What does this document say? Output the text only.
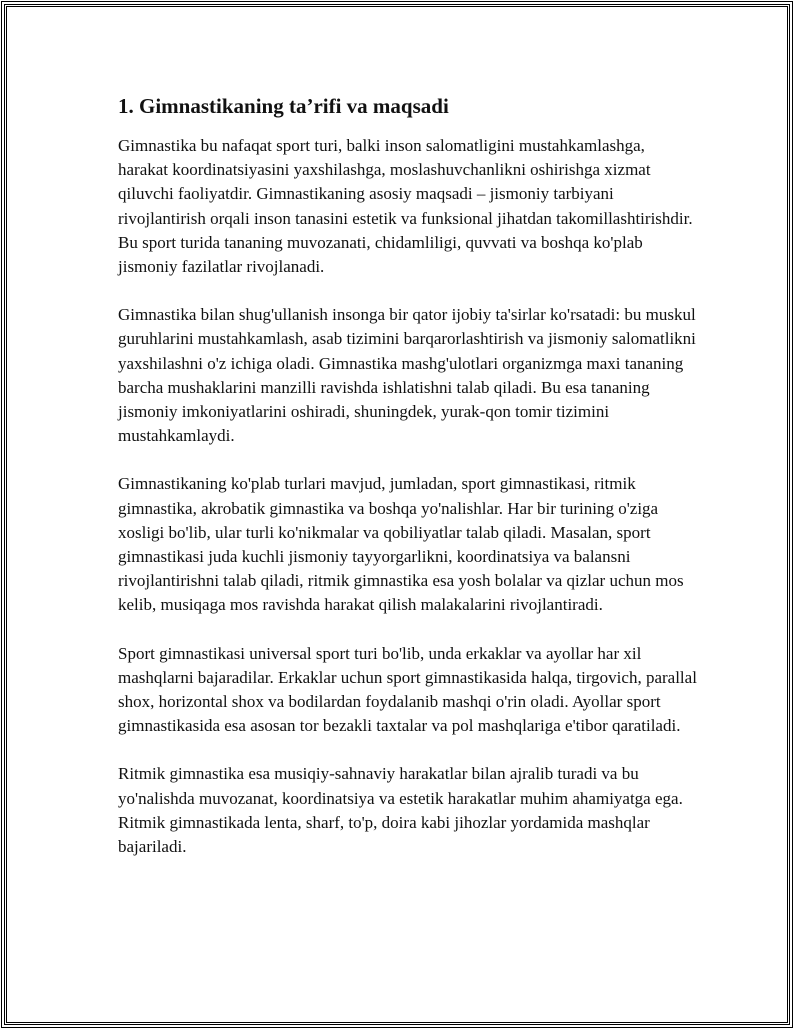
1. Gimnastikaning ta’rifi va maqsadi

Gimnastika bu nafaqat sport turi, balki inson salomatligini mustahkamlashga, harakat koordinatsiyasini yaxshilashga, moslashuvchanlikni oshirishga xizmat qiluvchi faoliyatdir. Gimnastikaning asosiy maqsadi – jismoniy tarbiyani rivojlantirish orqali inson tanasini estetik va funksional jihatdan takomillashtirishdir. Bu sport turida tananing muvozanati, chidamliligi, quvvati va boshqa ko'plab jismoniy fazilatlar rivojlanadi.

Gimnastika bilan shug'ullanish insonga bir qator ijobiy ta'sirlar ko'rsatadi: bu muskul guruhlarini mustahkamlash, asab tizimini barqarorlashtirish va jismoniy salomatlikni yaxshilashni o'z ichiga oladi. Gimnastika mashg'ulotlari organizmga maxi tananing barcha mushaklarini manzilli ravishda ishlatishni talab qiladi. Bu esa tananing jismoniy imkoniyatlarini oshiradi, shuningdek, yurak-qon tomir tizimini mustahkamlaydi.

Gimnastikaning ko'plab turlari mavjud, jumladan, sport gimnastikasi, ritmik gimnastika, akrobatik gimnastika va boshqa yo'nalishlar. Har bir turining o'ziga xosligi bo'lib, ular turli ko'nikmalar va qobiliyatlar talab qiladi. Masalan, sport gimnastikasi juda kuchli jismoniy tayyorgarlikni, koordinatsiya va balansni rivojlantirishni talab qiladi, ritmik gimnastika esa yosh bolalar va qizlar uchun mos kelib, musiqaga mos ravishda harakat qilish malakalarini rivojlantiradi.

Sport gimnastikasi universal sport turi bo'lib, unda erkaklar va ayollar har xil mashqlarni bajaradilar. Erkaklar uchun sport gimnastikasida halqa, tirgovich, parallal shox, horizontal shox va bodilardan foydalanib mashqi o'rin oladi. Ayollar sport gimnastikasida esa asosan tor bezakli taxtalar va pol mashqlariga e'tibor qaratiladi.

Ritmik gimnastika esa musiqiy-sahnaviy harakatlar bilan ajralib turadi va bu yo'nalishda muvozanat, koordinatsiya va estetik harakatlar muhim ahamiyatga ega. Ritmik gimnastikada lenta, sharf, to'p, doira kabi jihozlar yordamida mashqlar bajariladi.
